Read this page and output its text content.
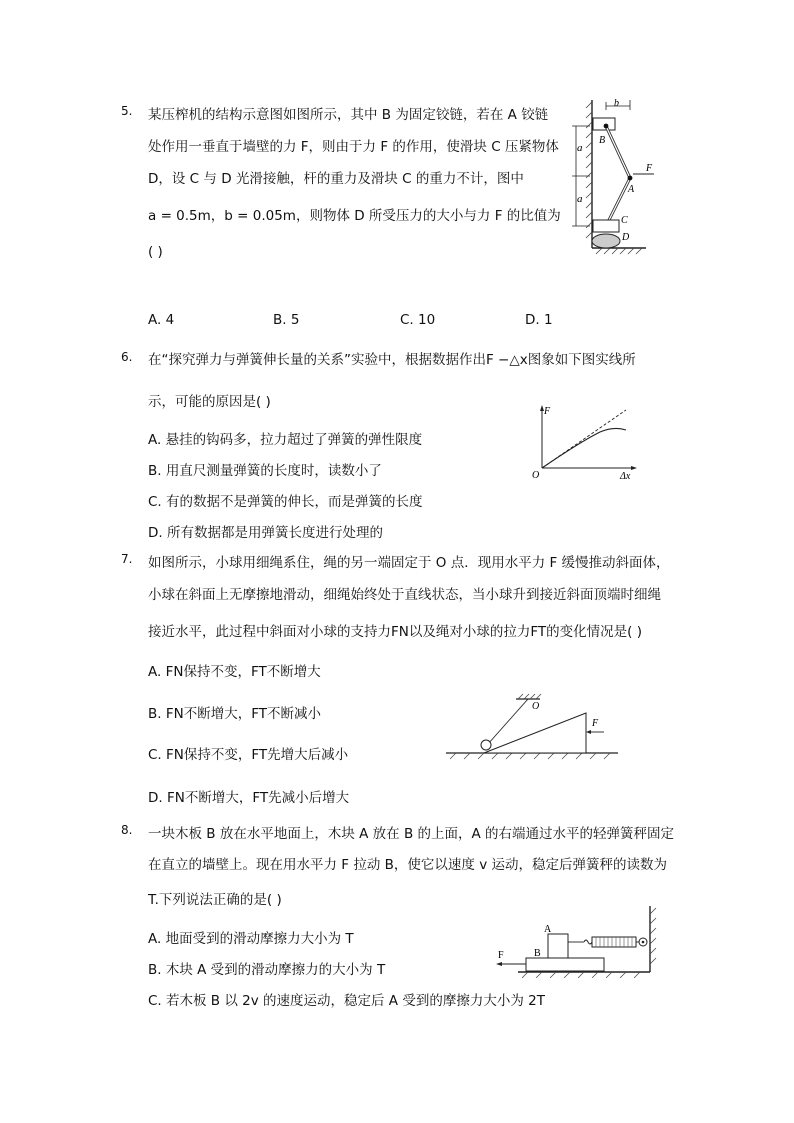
5. 某压榨机的结构示意图如图所示，其中 B 为固定铰链，若在 A 铰链
处作用一垂直于墙壁的力 F，则由于力 F 的作用，使滑块 C 压紧物体
D，设 C 与 D 光滑接触，杆的重力及滑块 C 的重力不计，图中
a = 0.5m，b = 0.05m，则物体 D 所受压力的大小与力 F 的比值为
( )
A. 4	B. 5	C. 10	D. 1
b
a
a
B
A
F
C
D
6. 在“探究弹力与弹簧伸长量的关系”实验中，根据数据作出F −△x图象如下图实线所
示，可能的原因是( )
A. 悬挂的钩码多，拉力超过了弹簧的弹性限度
B. 用直尺测量弹簧的长度时，读数小了
C. 有的数据不是弹簧的伸长，而是弹簧的长度
D. 所有数据都是用弹簧长度进行处理的
F
O	Δx
7. 如图所示，小球用细绳系住，绳的另一端固定于 O 点．现用水平力 F 缓慢推动斜面体，
小球在斜面上无摩擦地滑动，细绳始终处于直线状态，当小球升到接近斜面顶端时细绳
接近水平，此过程中斜面对小球的支持力FN以及绳对小球的拉力FT的变化情况是( )
A. FN保持不变，FT不断增大
B. FN不断增大，FT不断减小
C. FN保持不变，FT先增大后减小
D. FN不断增大，FT先减小后增大
O
F
8. 一块木板 B 放在水平地面上，木块 A 放在 B 的上面，A 的右端通过水平的轻弹簧秤固定
在直立的墙壁上。现在用水平力 F 拉动 B，使它以速度 v 运动，稳定后弹簧秤的读数为
T.下列说法正确的是( )
A. 地面受到的滑动摩擦力大小为 T
B. 木块 A 受到的滑动摩擦力的大小为 T
C. 若木板 B 以 2v 的速度运动，稳定后 A 受到的摩擦力大小为 2T
A
B
F
